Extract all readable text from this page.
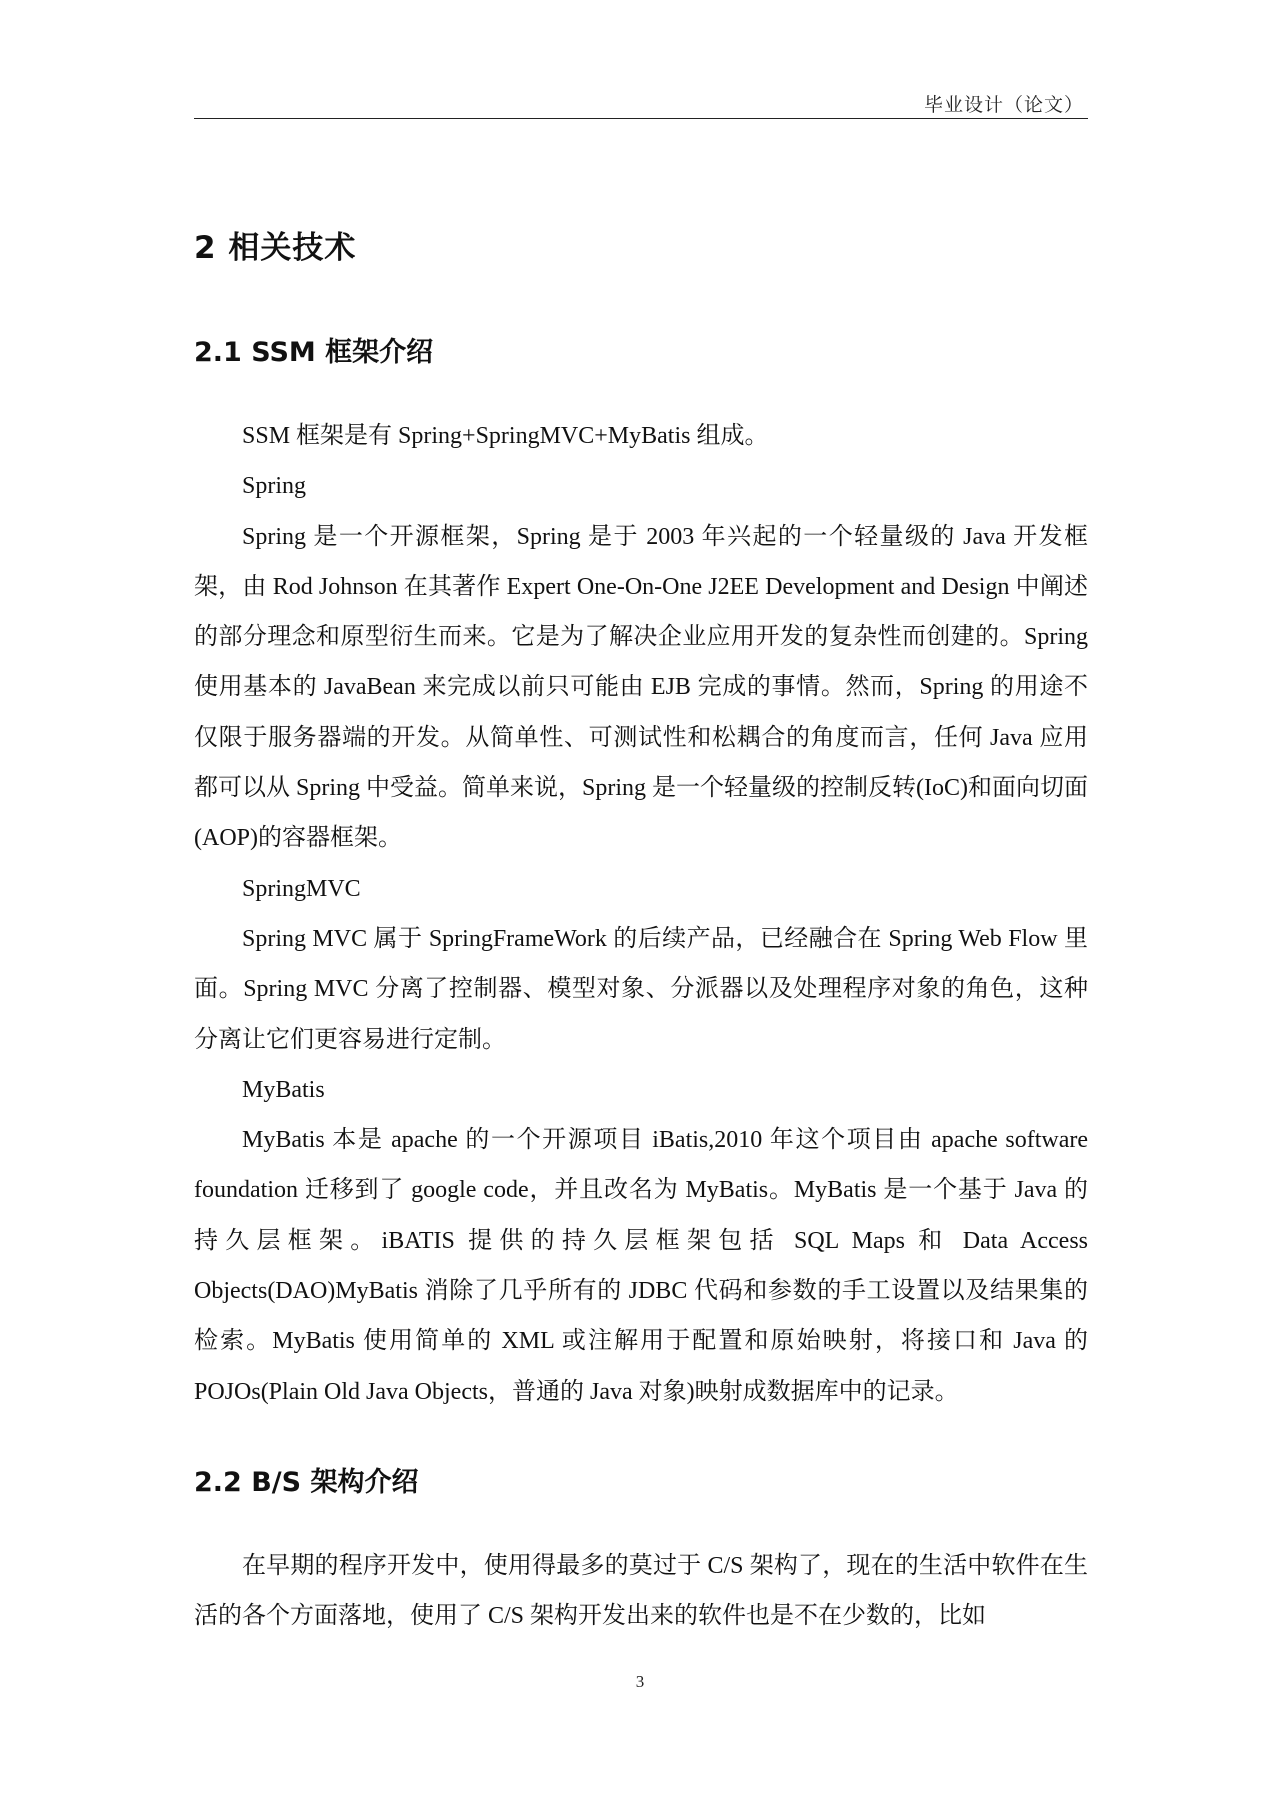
毕业设计（论文）
2 相关技术
2.1 SSM 框架介绍

SSM 框架是有 Spring+SpringMVC+MyBatis 组成。

Spring

Spring 是一个开源框架，Spring 是于 2003 年兴起的一个轻量级的 Java 开发框架，由 Rod Johnson 在其著作 Expert One-On-One J2EE Development and Design 中阐述的部分理念和原型衍生而来。它是为了解决企业应用开发的复杂性而创建的。Spring 使用基本的 JavaBean 来完成以前只可能由 EJB 完成的事情。然而，Spring 的用途不仅限于服务器端的开发。从简单性、可测试性和松耦合的角度而言，任何 Java 应用都可以从 Spring 中受益。简单来说，Spring 是一个轻量级的控制反转(IoC)和面向切面(AOP)的容器框架。

SpringMVC

Spring MVC 属于 SpringFrameWork 的后续产品，已经融合在 Spring Web Flow 里面。Spring MVC 分离了控制器、模型对象、分派器以及处理程序对象的角色，这种分离让它们更容易进行定制。

MyBatis

MyBatis 本是 apache 的一个开源项目 iBatis,2010 年这个项目由 apache software foundation 迁移到了 google code，并且改名为 MyBatis。MyBatis 是一个基于 Java 的持久层框架。iBATIS 提供的持久层框架包括 SQL Maps 和 Data Access Objects(DAO)MyBatis 消除了几乎所有的 JDBC 代码和参数的手工设置以及结果集的检索。MyBatis 使用简单的 XML 或注解用于配置和原始映射，将接口和 Java 的 POJOs(Plain Old Java Objects，普通的 Java 对象)映射成数据库中的记录。

2.2 B/S 架构介绍

在早期的程序开发中，使用得最多的莫过于 C/S 架构了，现在的生活中软件在生活的各个方面落地，使用了 C/S 架构开发出来的软件也是不在少数的，比如

3
